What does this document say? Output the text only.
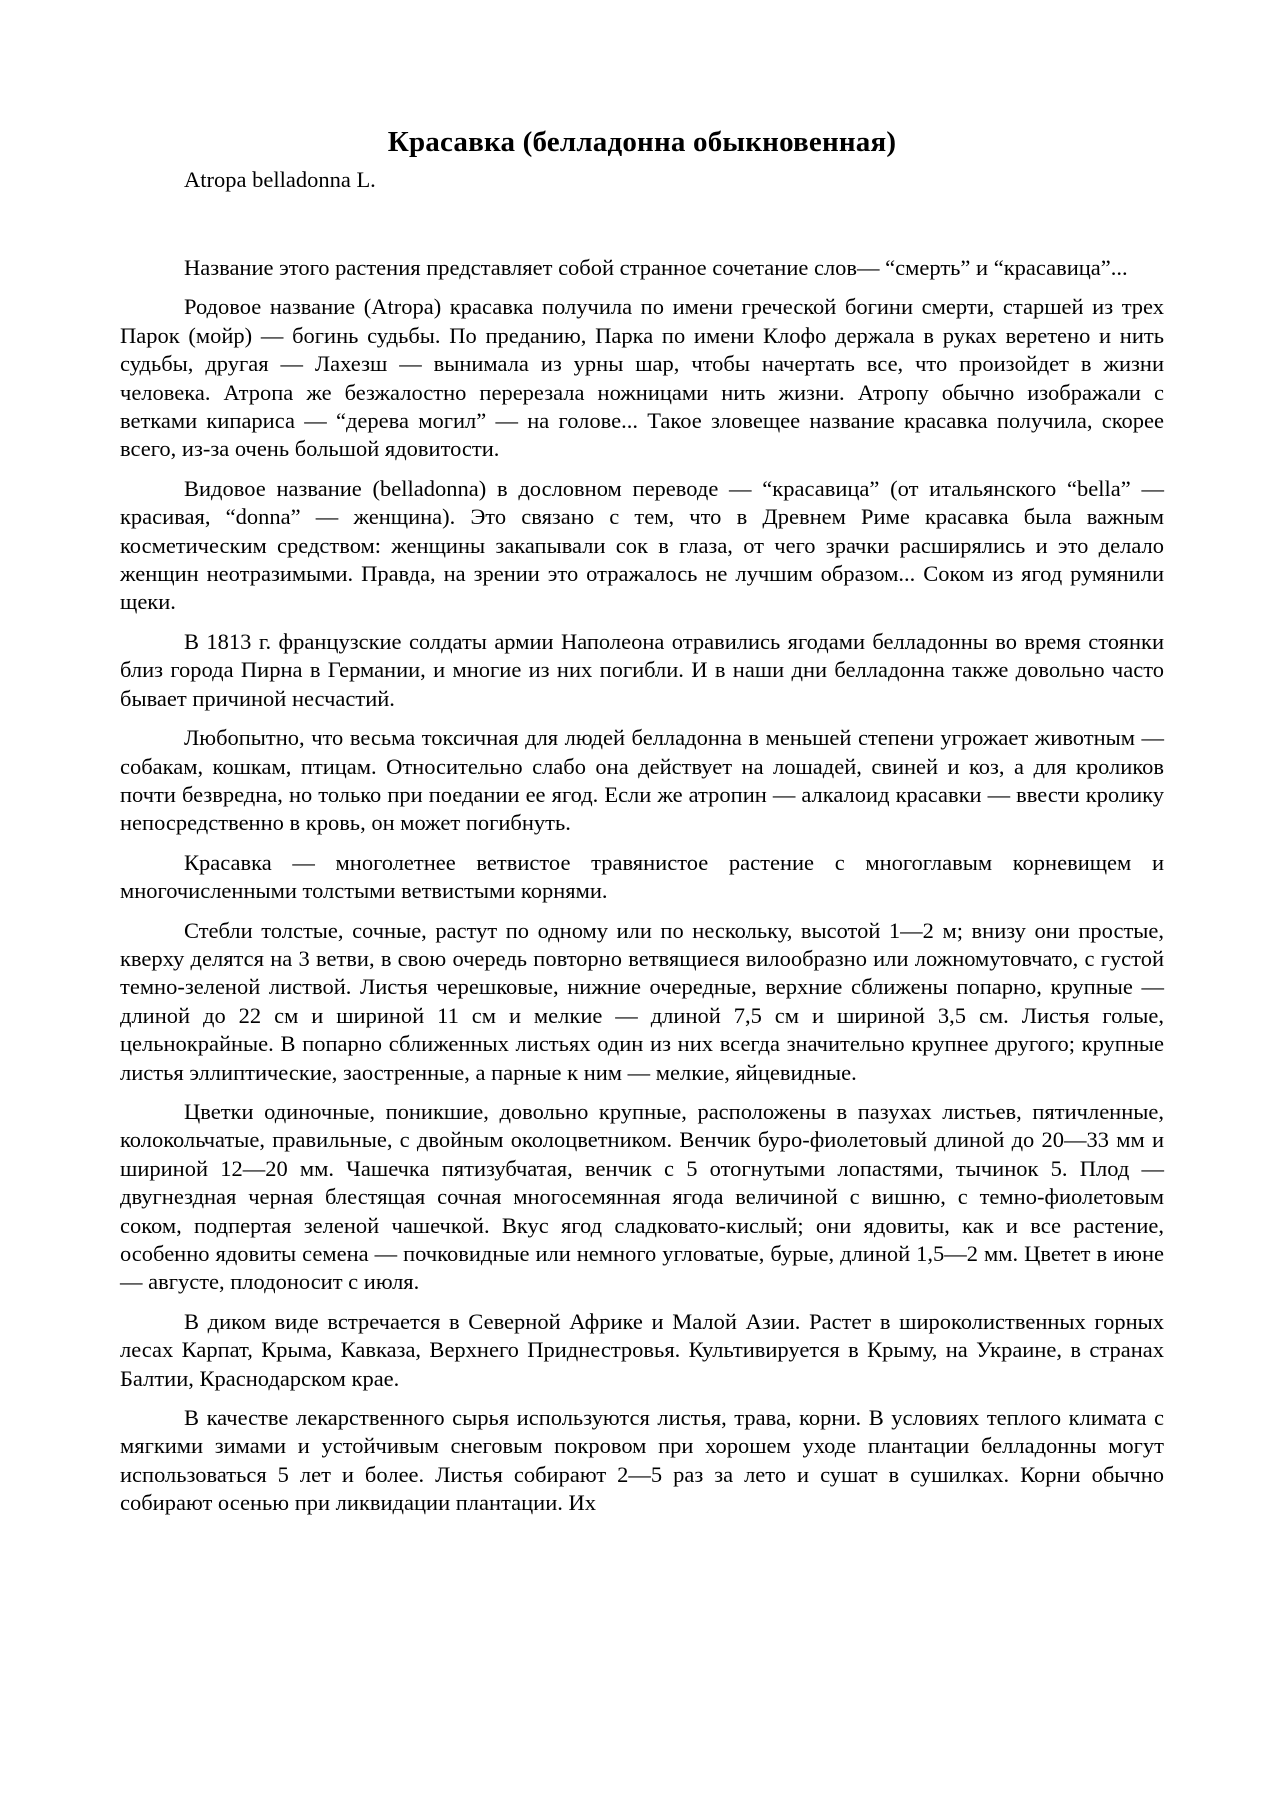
Красавка (белладонна обыкновенная)

Atropa belladonna L.

Название этого растения представляет собой странное сочетание слов— “смерть” и “красавица”...

Родовое название (Atropa) красавка получила по имени греческой богини смерти, старшей из трех Парок (мойр) — богинь судьбы. По преданию, Парка по имени Клофо держала в руках веретено и нить судьбы, другая — Лахезш — вынимала из урны шар, чтобы начертать все, что произойдет в жизни человека. Атропа же безжалостно перерезала ножницами нить жизни. Атропу обычно изображали с ветками кипариса — “дерева могил” — на голове... Такое зловещее название красавка получила, скорее всего, из-за очень большой ядовитости.

Видовое название (belladonna) в дословном переводе — “красавица” (от итальянского “bella” — красивая, “donna” — женщина). Это связано с тем, что в Древнем Риме красавка была важным косметическим средством: женщины закапывали сок в глаза, от чего зрачки расширялись и это делало женщин неотразимыми. Правда, на зрении это отражалось не лучшим образом... Соком из ягод румянили щеки.

В 1813 г. французские солдаты армии Наполеона отравились ягодами белладонны во время стоянки близ города Пирна в Германии, и многие из них погибли. И в наши дни белладонна также довольно часто бывает причиной несчастий.

Любопытно, что весьма токсичная для людей белладонна в меньшей степени угрожает животным — собакам, кошкам, птицам. Относительно слабо она действует на лошадей, свиней и коз, а для кроликов почти безвредна, но только при поедании ее ягод. Если же атропин — алкалоид красавки — ввести кролику непосредственно в кровь, он может погибнуть.

Красавка — многолетнее ветвистое травянистое растение с многоглавым корневищем и многочисленными толстыми ветвистыми корнями.

Стебли толстые, сочные, растут по одному или по нескольку, высотой 1—2 м; внизу они простые, кверху делятся на 3 ветви, в свою очередь повторно ветвящиеся вилообразно или ложномутовчато, с густой темно-зеленой листвой. Листья черешковые, нижние очередные, верхние сближены попарно, крупные — длиной до 22 см и шириной 11 см и мелкие — длиной 7,5 см и шириной 3,5 см. Листья голые, цельнокрайные. В попарно сближенных листьях один из них всегда значительно крупнее другого; крупные листья эллиптические, заостренные, а парные к ним — мелкие, яйцевидные.

Цветки одиночные, поникшие, довольно крупные, расположены в пазухах листьев, пятичленные, колокольчатые, правильные, с двойным околоцветником. Венчик буро-фиолетовый длиной до 20—33 мм и шириной 12—20 мм. Чашечка пятизубчатая, венчик с 5 отогнутыми лопастями, тычинок 5. Плод — двугнездная черная блестящая сочная многосемянная ягода величиной с вишню, с темно-фиолетовым соком, подпертая зеленой чашечкой. Вкус ягод сладковато-кислый; они ядовиты, как и все растение, особенно ядовиты семена — почковидные или немного угловатые, бурые, длиной 1,5—2 мм. Цветет в июне — августе, плодоносит с июля.

В диком виде встречается в Северной Африке и Малой Азии. Растет в широколиственных горных лесах Карпат, Крыма, Кавказа, Верхнего Приднестровья. Культивируется в Крыму, на Украине, в странах Балтии, Краснодарском крае.

В качестве лекарственного сырья используются листья, трава, корни. В условиях теплого климата с мягкими зимами и устойчивым снеговым покровом при хорошем уходе плантации белладонны могут использоваться 5 лет и более. Листья собирают 2—5 раз за лето и сушат в сушилках. Корни обычно собирают осенью при ликвидации плантации. Их
